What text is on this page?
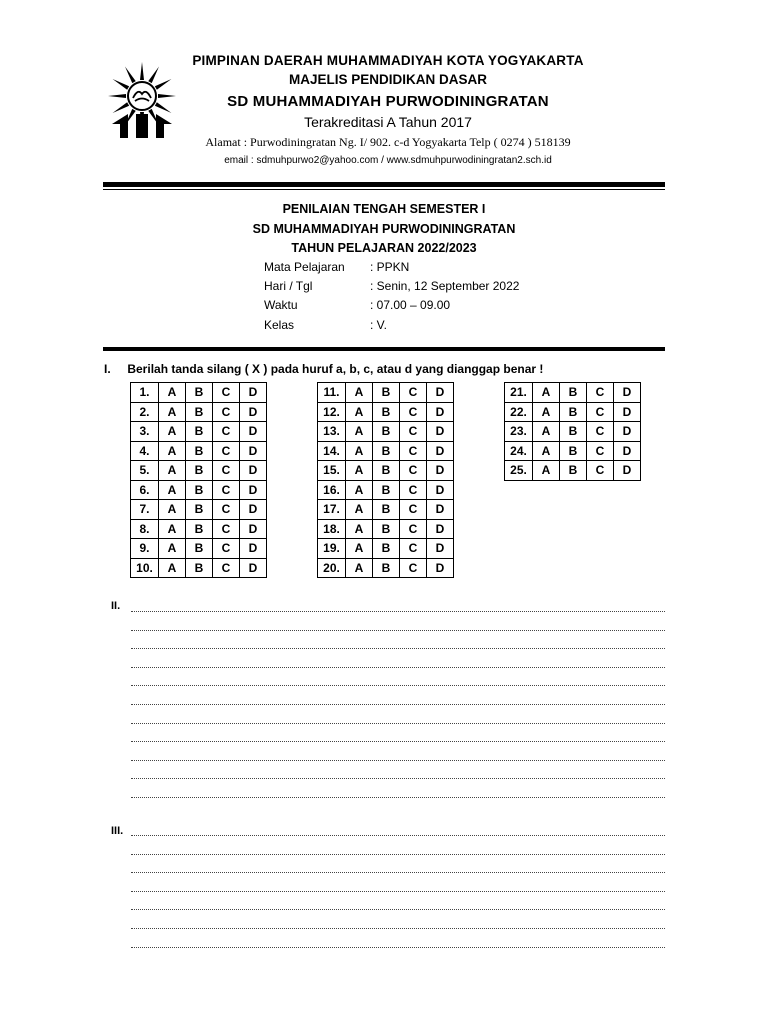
PIMPINAN DAERAH MUHAMMADIYAH KOTA YOGYAKARTA
MAJELIS PENDIDIKAN DASAR
SD MUHAMMADIYAH PURWODININGRATAN
Terakreditasi A Tahun 2017
Alamat : Purwodiningratan Ng. I/ 902. c-d Yogyakarta Telp ( 0274 ) 518139
email : sdmuhpurwo2@yahoo.com / www.sdmuhpurwodiningratan2.sch.id
PENILAIAN TENGAH SEMESTER I
SD MUHAMMADIYAH PURWODININGRATAN
TAHUN PELAJARAN 2022/2023
Mata Pelajaran	: PPKN
Hari / Tgl	: Senin, 12 September 2022
Waktu	: 07.00 – 09.00
Kelas	: V.
I. Berilah tanda silang ( X ) pada huruf a, b, c, atau d yang dianggap benar !
1.	A	B	C	D
2.	A	B	C	D
3.	A	B	C	D
4.	A	B	C	D
5.	A	B	C	D
6.	A	B	C	D
7.	A	B	C	D
8.	A	B	C	D
9.	A	B	C	D
10.	A	B	C	D
11.	A	B	C	D
12.	A	B	C	D
13.	A	B	C	D
14.	A	B	C	D
15.	A	B	C	D
16.	A	B	C	D
17.	A	B	C	D
18.	A	B	C	D
19.	A	B	C	D
20.	A	B	C	D
21.	A	B	C	D
22.	A	B	C	D
23.	A	B	C	D
24.	A	B	C	D
25.	A	B	C	D
II.
III.
